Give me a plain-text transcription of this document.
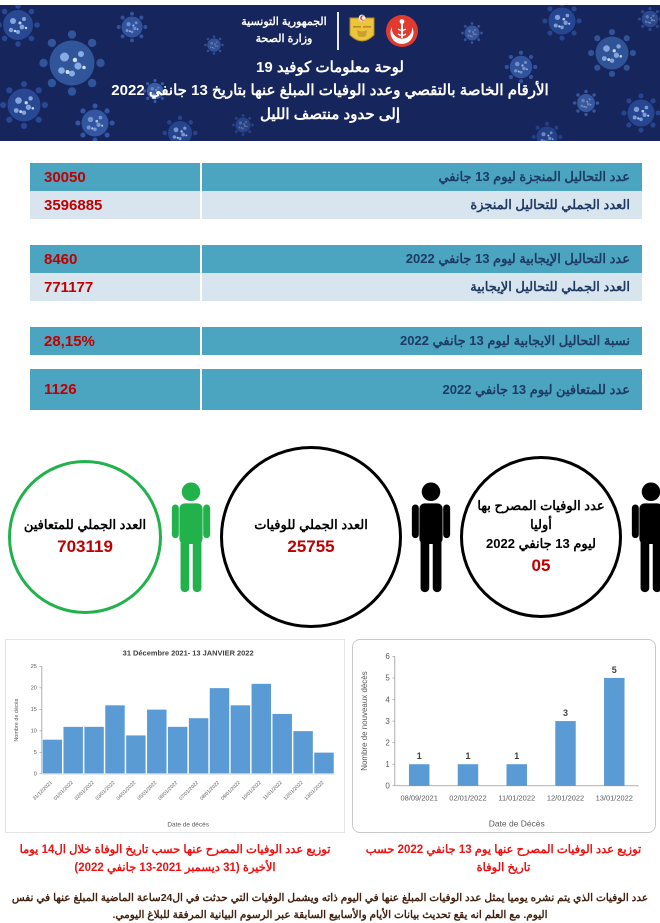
الجمهورية التونسية
وزارة الصحة
لوحة معلومات كوفيد 19
الأرقام الخاصة بالتقصي وعدد الوفيات المبلغ عنها بتاريخ 13 جانفي 2022
إلى حدود منتصف الليل
عدد التحاليل المنجزة ليوم 13 جانفي
30050
العدد الجملي للتحاليل المنجزة
3596885
عدد التحاليل الإيجابية ليوم 13 جانفي 2022
8460
العدد الجملي للتحاليل الإيجابية
771177
نسبة التحاليل الايجابية ليوم 13 جانفي 2022
28,15%
عدد للمتعافين ليوم 13 جانفي 2022
1126
العدد الجملي للمتعافين
703119
العدد الجملي للوفيات
25755
عدد الوفيات المصرح بها
أوليا
ليوم 13 جانفي 2022
05
0
5
10
15
20
25
31/12/2021 01/01/2022 02/01/2022 03/01/2022 04/01/2022 05/01/2022 06/01/2022 07/01/2022 08/01/2022 09/01/2022 10/01/2022 11/01/2022 12/01/2022 13/01/2022
31 Décembre 2021- 13 JANVIER 2022
Date de décès
Nombre de décès
0
1
2
3
4
5
6
1
08/09/2021
1
02/01/2022
1
11/01/2022
3
12/01/2022
5
13/01/2022
Date de Décès
Nombre de nouveaux décès
توزيع عدد الوفيات المصرح عنها حسب تاريخ الوفاة خلال ال14 يوما الأخيرة (31 ديسمبر 2021-13 جانفي 2022)
توزيع عدد الوفيات المصرح عنها يوم 13 جانفي 2022 حسب تاريخ الوفاة
عدد الوفيات الذي يتم نشره يوميا يمثل عدد الوفيات المبلغ عنها في اليوم ذاته ويشمل الوفيات التي حدثت في ال24ساعة الماضية المبلغ عنها في نفس اليوم. مع العلم انه يقع تحديث بيانات الأيام والأسابيع السابقة عبر الرسوم البيانية المرفقة للبلاغ اليومي.
